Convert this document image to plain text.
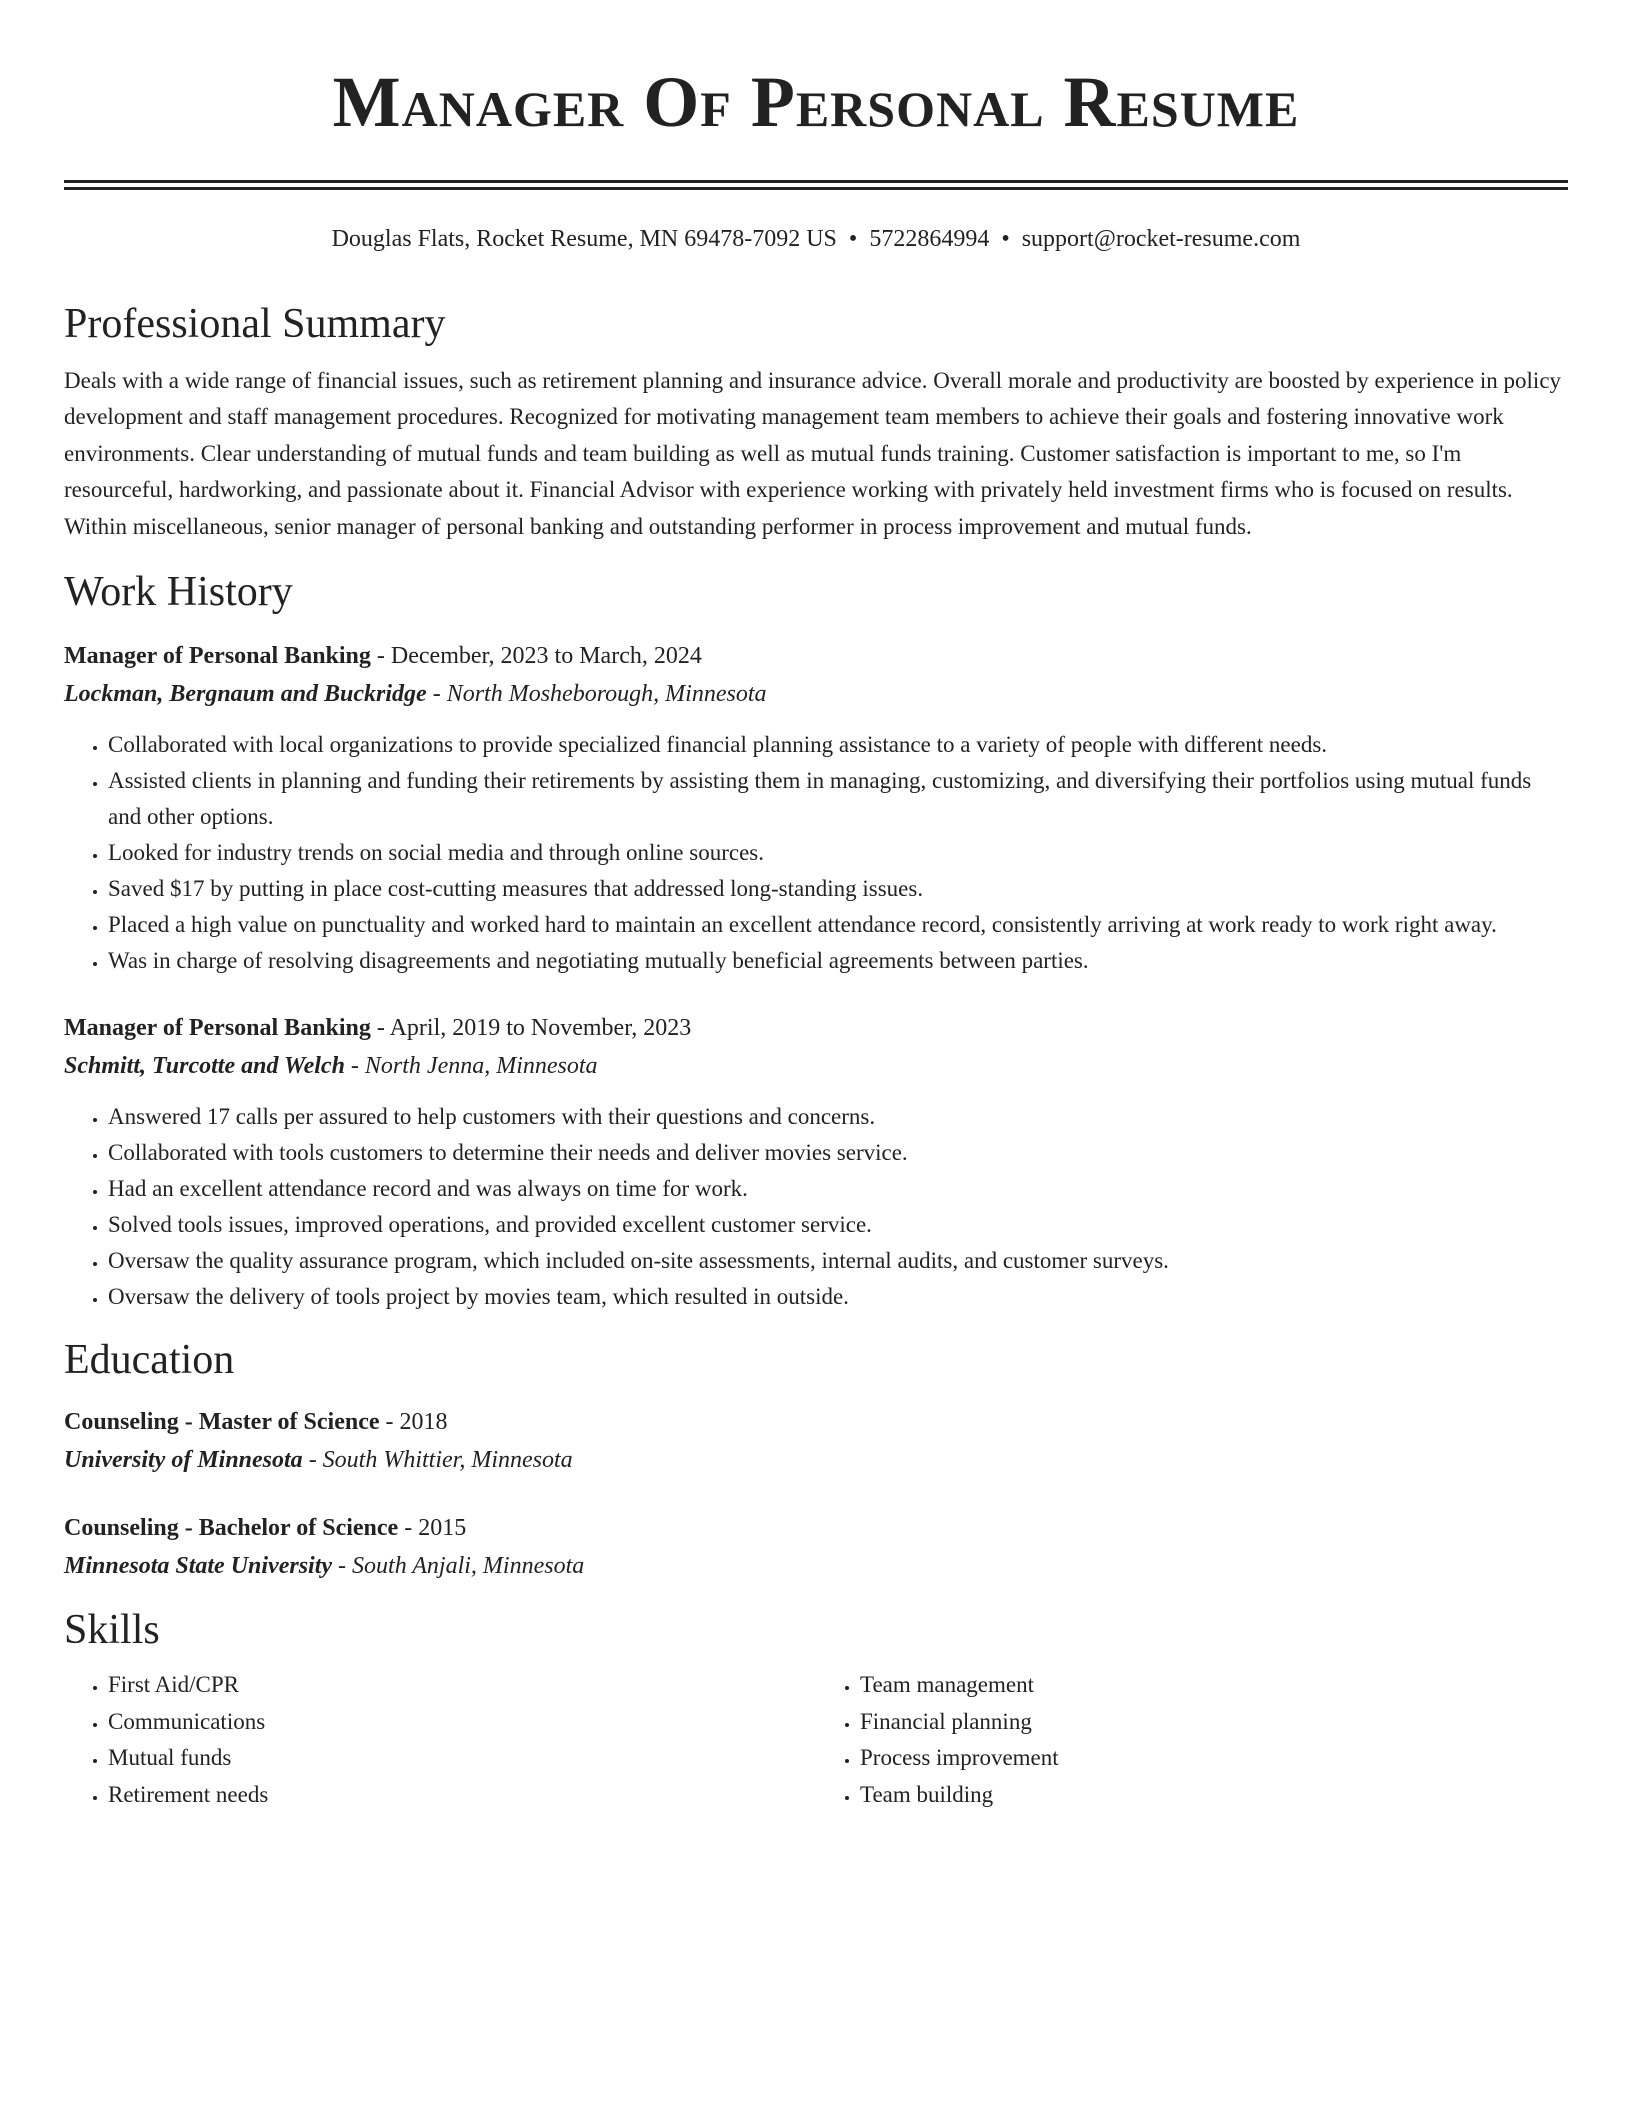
Manager Of Personal Resume
Douglas Flats, Rocket Resume, MN 69478-7092 US • 5722864994 • support@rocket-resume.com
Professional Summary

Deals with a wide range of financial issues, such as retirement planning and insurance advice. Overall morale and productivity are boosted by experience in policy development and staff management procedures. Recognized for motivating management team members to achieve their goals and fostering innovative work environments. Clear understanding of mutual funds and team building as well as mutual funds training. Customer satisfaction is important to me, so I'm resourceful, hardworking, and passionate about it. Financial Advisor with experience working with privately held investment firms who is focused on results. Within miscellaneous, senior manager of personal banking and outstanding performer in process improvement and mutual funds.

Work History
Manager of Personal Banking - December, 2023 to March, 2024
Lockman, Bergnaum and Buckridge - North Mosheborough, Minnesota
• Collaborated with local organizations to provide specialized financial planning assistance to a variety of people with different needs.
• Assisted clients in planning and funding their retirements by assisting them in managing, customizing, and diversifying their portfolios using mutual funds and other options.
• Looked for industry trends on social media and through online sources.
• Saved $17 by putting in place cost-cutting measures that addressed long-standing issues.
• Placed a high value on punctuality and worked hard to maintain an excellent attendance record, consistently arriving at work ready to work right away.
• Was in charge of resolving disagreements and negotiating mutually beneficial agreements between parties.
Manager of Personal Banking - April, 2019 to November, 2023
Schmitt, Turcotte and Welch - North Jenna, Minnesota
• Answered 17 calls per assured to help customers with their questions and concerns.
• Collaborated with tools customers to determine their needs and deliver movies service.
• Had an excellent attendance record and was always on time for work.
• Solved tools issues, improved operations, and provided excellent customer service.
• Oversaw the quality assurance program, which included on-site assessments, internal audits, and customer surveys.
• Oversaw the delivery of tools project by movies team, which resulted in outside.
Education
Counseling - Master of Science - 2018
University of Minnesota - South Whittier, Minnesota
Counseling - Bachelor of Science - 2015
Minnesota State University - South Anjali, Minnesota
Skills
• First Aid/CPR
• Communications
• Mutual funds
• Retirement needs
• Team management
• Financial planning
• Process improvement
• Team building
